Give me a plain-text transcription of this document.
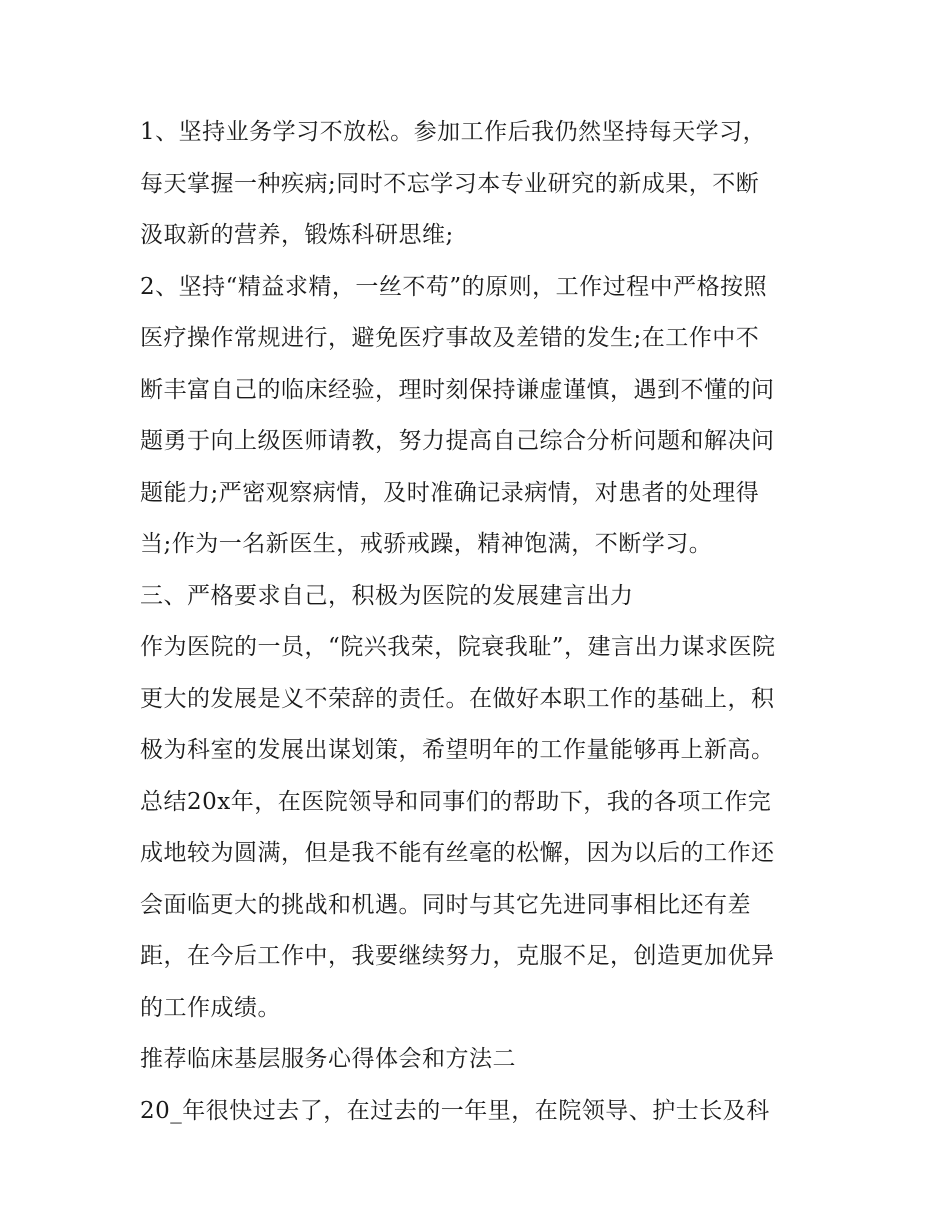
1、坚持业务学习不放松。参加工作后我仍然坚持每天学习，
每天掌握一种疾病;同时不忘学习本专业研究的新成果，不断
汲取新的营养，锻炼科研思维;
2、坚持“精益求精，一丝不苟”的原则，工作过程中严格按照
医疗操作常规进行，避免医疗事故及差错的发生;在工作中不
断丰富自己的临床经验，理时刻保持谦虚谨慎，遇到不懂的问
题勇于向上级医师请教，努力提高自己综合分析问题和解决问
题能力;严密观察病情，及时准确记录病情，对患者的处理得
当;作为一名新医生，戒骄戒躁，精神饱满，不断学习。
三、严格要求自己，积极为医院的发展建言出力
作为医院的一员，“院兴我荣，院衰我耻”，建言出力谋求医院
更大的发展是义不荣辞的责任。在做好本职工作的基础上，积
极为科室的发展出谋划策，希望明年的工作量能够再上新高。
总结20x年，在医院领导和同事们的帮助下，我的各项工作完
成地较为圆满，但是我不能有丝毫的松懈，因为以后的工作还
会面临更大的挑战和机遇。同时与其它先进同事相比还有差
距，在今后工作中，我要继续努力，克服不足，创造更加优异
的工作成绩。
推荐临床基层服务心得体会和方法二
20_年很快过去了，在过去的一年里，在院领导、护士长及科
